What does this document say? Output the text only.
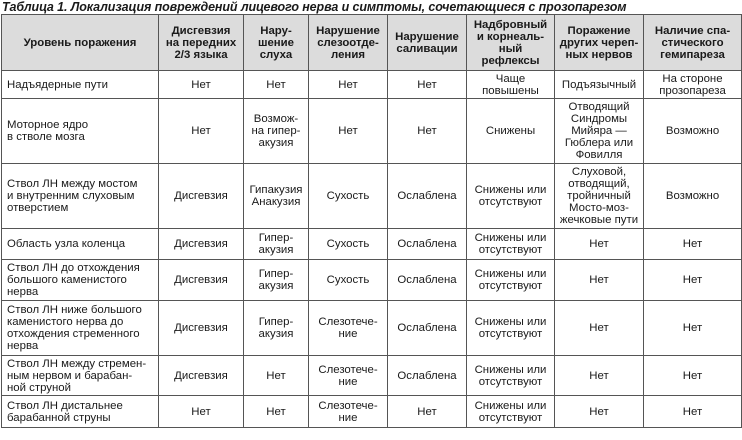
Таблица 1. Локализация повреждений лицевого нерва и симптомы, сочетающиеся с прозопарезом
Уровень поражения	Дисгевзия
на передних
2/3 языка	Нару-
шение
слуха	Нарушение
слезоотде-
ления	Нарушение
саливации	Надбровный
и корнеаль-
ный рефлексы	Поражение
других череп-
ных нервов	Наличие спа-
стического
гемипареза
Надъядерные пути	Нет	Нет	Нет	Нет	Чаще
повышены	Подъязычный	На стороне
прозопареза
Моторное ядро
в стволе мозга	Нет	Возмож-
на гипер-
акузия	Нет	Нет	Снижены	Отводящий
Синдромы
Мийяра —
Гюблера или
Фовилля	Возможно
Ствол ЛН между мостом
и внутренним слуховым
отверстием	Дисгевзия	Гипакузия
Анакузия	Сухость	Ослаблена	Снижены или
отсутствуют	Слуховой,
отводящий,
тройничный
Мосто-моз-
жечковые пути	Возможно
Область узла коленца	Дисгевзия	Гипер-
акузия	Сухость	Ослаблена	Снижены или
отсутствуют	Нет	Нет
Ствол ЛН до отхождения
большого каменистого
нерва	Дисгевзия	Гипер-
акузия	Сухость	Ослаблена	Снижены или
отсутствуют	Нет	Нет
Ствол ЛН ниже большого
каменистого нерва до
отхождения стременного
нерва	Дисгевзия	Гипер-
акузия	Слезотече-
ние	Ослаблена	Снижены или
отсутствуют	Нет	Нет
Ствол ЛН между стремен-
ным нервом и барабан-
ной струной	Дисгевзия	Нет	Слезотече-
ние	Ослаблена	Снижены или
отсутствуют	Нет	Нет
Ствол ЛН дистальнее
барабанной струны	Нет	Нет	Слезотече-
ние	Нет	Снижены или
отсутствуют	Нет	Нет
